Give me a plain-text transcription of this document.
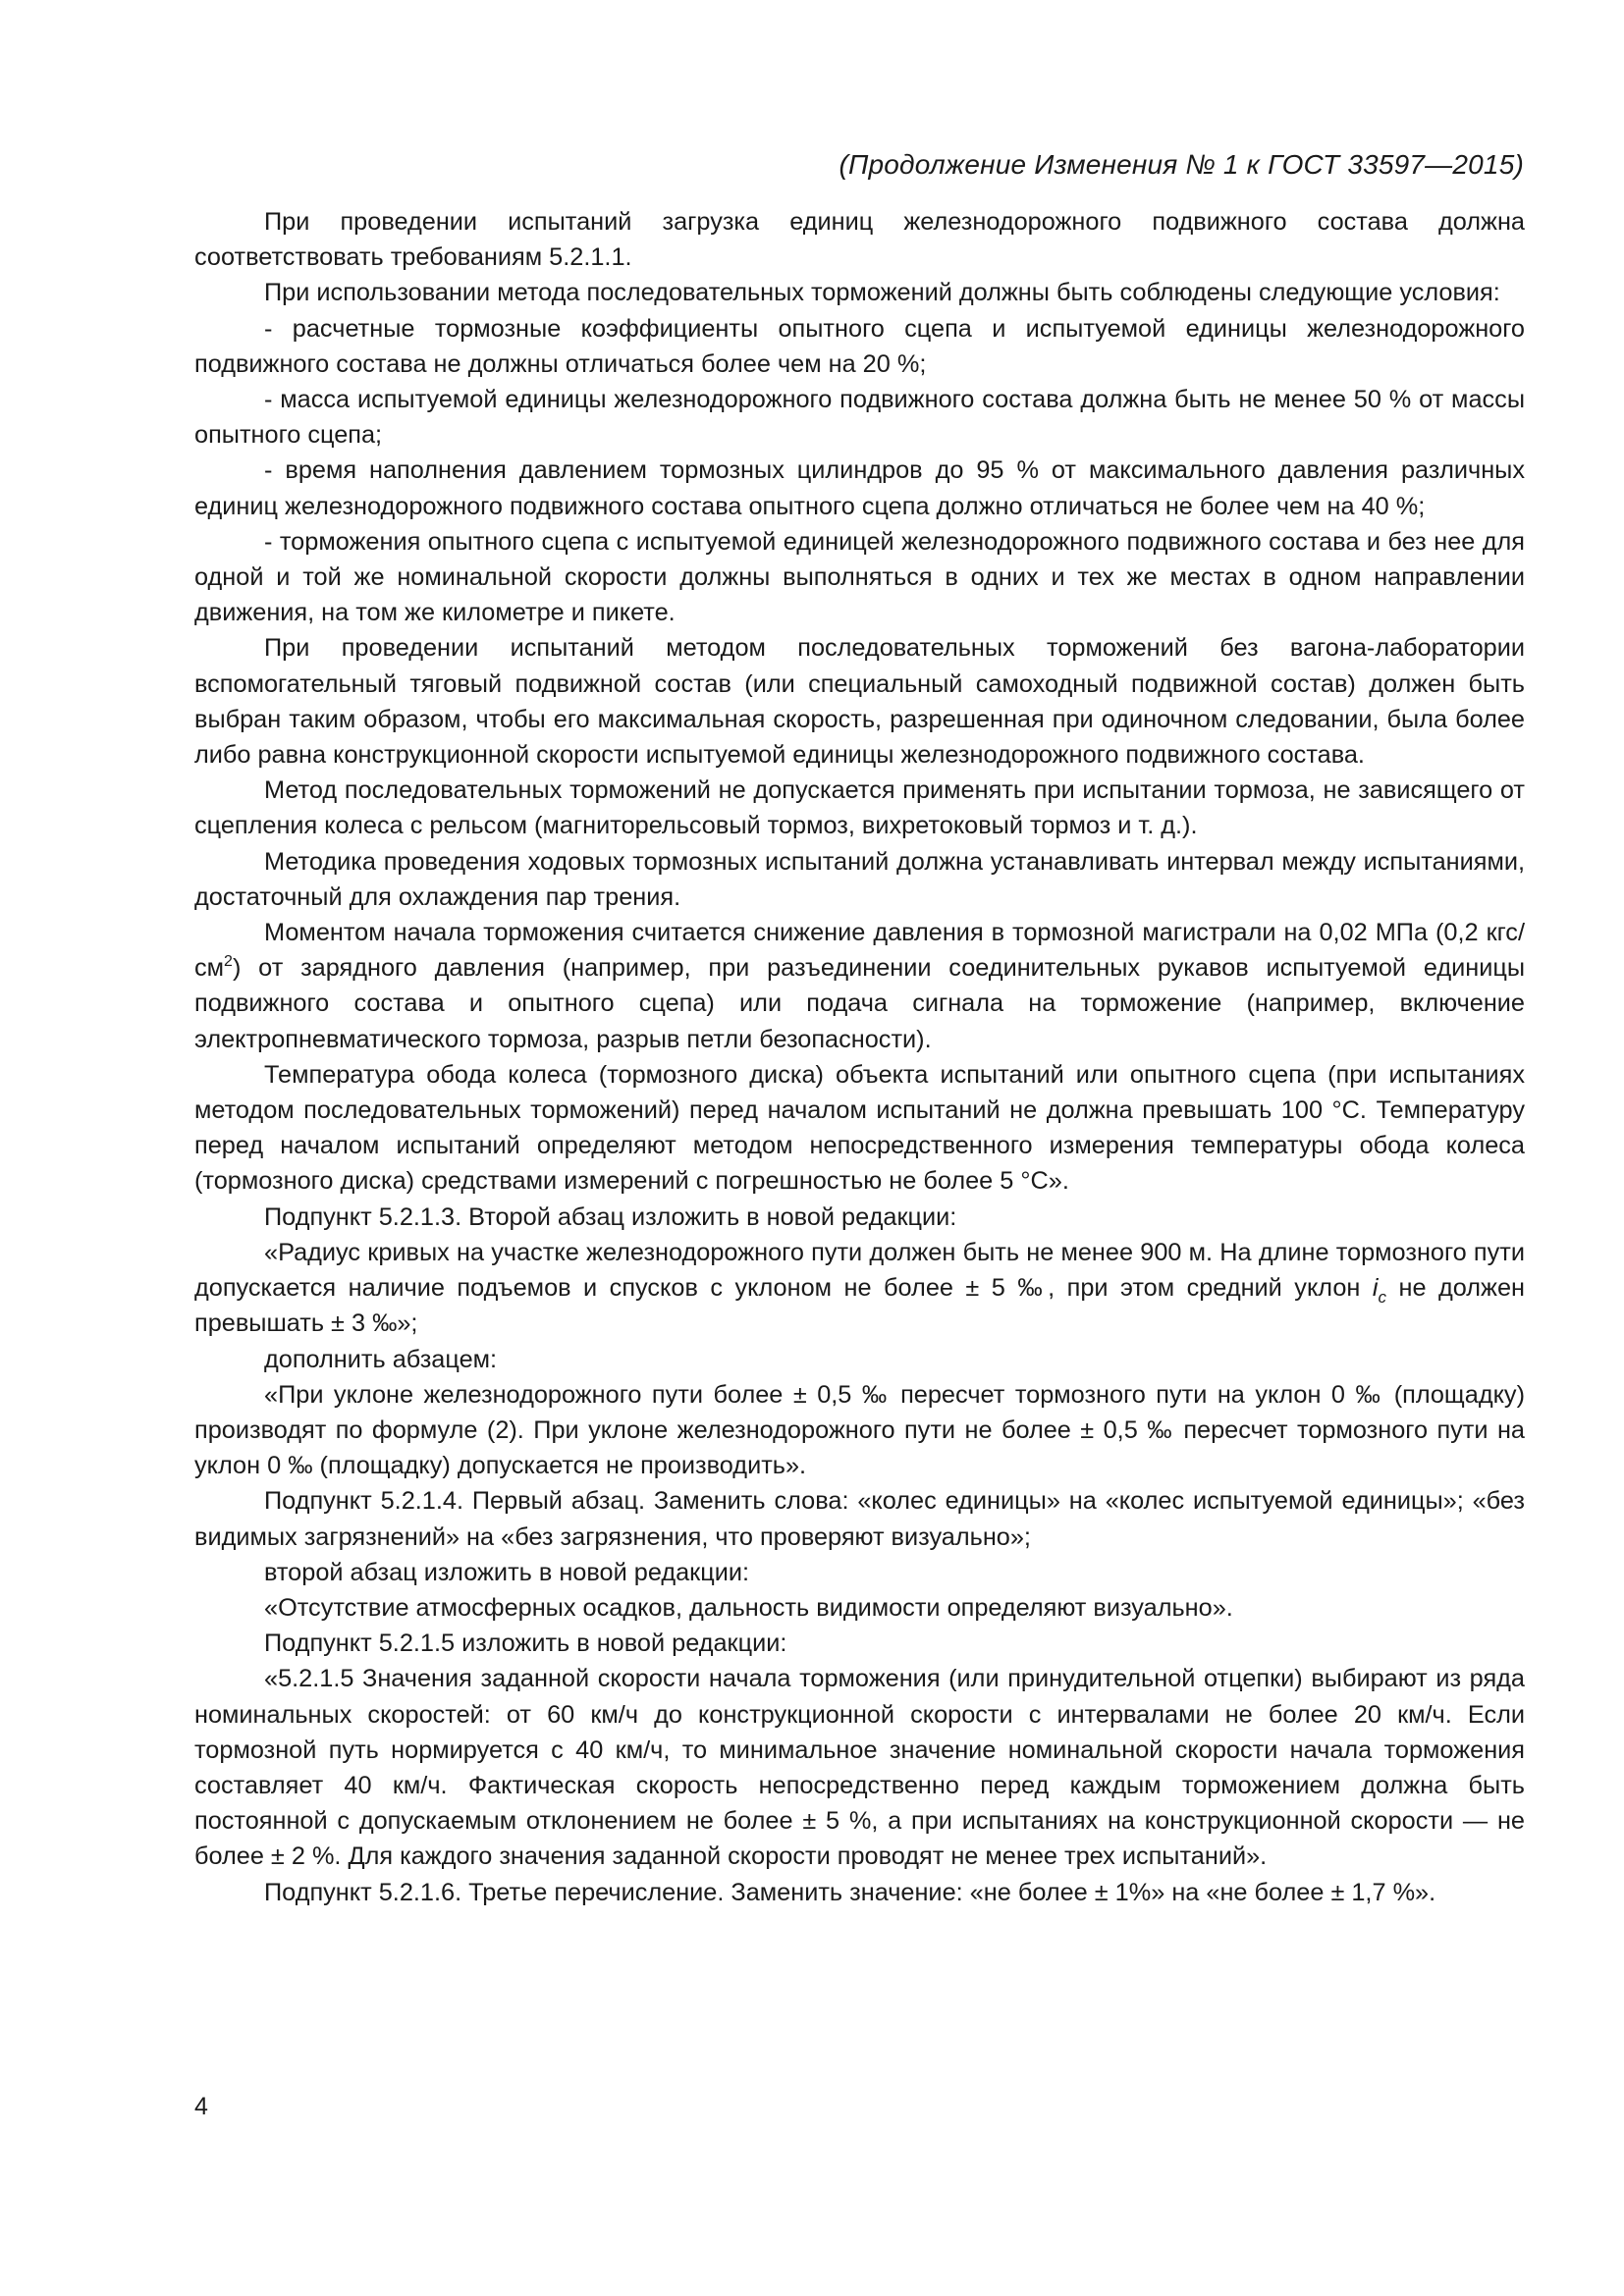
(Продолжение Изменения № 1 к ГОСТ 33597—2015)

При проведении испытаний загрузка единиц железнодорожного подвижного состава должна соответствовать требованиям 5.2.1.1.

При использовании метода последовательных торможений должны быть соблюдены следующие условия:

- расчетные тормозные коэффициенты опытного сцепа и испытуемой единицы железнодорожного подвижного состава не должны отличаться более чем на 20 %;

- масса испытуемой единицы железнодорожного подвижного состава должна быть не менее 50 % от массы опытного сцепа;

- время наполнения давлением тормозных цилиндров до 95 % от максимального давления различных единиц железнодорожного подвижного состава опытного сцепа должно отличаться не более чем на 40 %;

- торможения опытного сцепа с испытуемой единицей железнодорожного подвижного состава и без нее для одной и той же номинальной скорости должны выполняться в одних и тех же местах в одном направлении движения, на том же километре и пикете.

При проведении испытаний методом последовательных торможений без вагона-лаборатории вспомогательный тяговый подвижной состав (или специальный самоходный подвижной состав) должен быть выбран таким образом, чтобы его максимальная скорость, разрешенная при одиночном следовании, была более либо равна конструкционной скорости испытуемой единицы железнодорожного подвижного состава.

Метод последовательных торможений не допускается применять при испытании тормоза, не зависящего от сцепления колеса с рельсом (магниторельсовый тормоз, вихретоковый тормоз и т. д.).

Методика проведения ходовых тормозных испытаний должна устанавливать интервал между испытаниями, достаточный для охлаждения пар трения.

Моментом начала торможения считается снижение давления в тормозной магистрали на 0,02 МПа (0,2 кгс/$см^2$) от зарядного давления (например, при разъединении соединительных рукавов испытуемой единицы подвижного состава и опытного сцепа) или подача сигнала на торможение (например, включение электропневматического тормоза, разрыв петли безопасности).

Температура обода колеса (тормозного диска) объекта испытаний или опытного сцепа (при испытаниях методом последовательных торможений) перед началом испытаний не должна превышать 100 °С. Температуру перед началом испытаний определяют методом непосредственного измерения температуры обода колеса (тормозного диска) средствами измерений с погрешностью не более 5 °С».

Подпункт 5.2.1.3. Второй абзац изложить в новой редакции:

«Радиус кривых на участке железнодорожного пути должен быть не менее 900 м. На длине тормозного пути допускается наличие подъемов и спусков с уклоном не более ± 5 ‰, при этом средний уклон $i_с$ не должен превышать ± 3 ‰»;

дополнить абзацем:

«При уклоне железнодорожного пути более ± 0,5 ‰ пересчет тормозного пути на уклон 0 ‰ (площадку) производят по формуле (2). При уклоне железнодорожного пути не более ± 0,5 ‰ пересчет тормозного пути на уклон 0 ‰ (площадку) допускается не производить».

Подпункт 5.2.1.4. Первый абзац. Заменить слова: «колес единицы» на «колес испытуемой единицы»; «без видимых загрязнений» на «без загрязнения, что проверяют визуально»;

второй абзац изложить в новой редакции:

«Отсутствие атмосферных осадков, дальность видимости определяют визуально».

Подпункт 5.2.1.5 изложить в новой редакции:

«5.2.1.5 Значения заданной скорости начала торможения (или принудительной отцепки) выбирают из ряда номинальных скоростей: от 60 км/ч до конструкционной скорости с интервалами не более 20 км/ч. Если тормозной путь нормируется с 40 км/ч, то минимальное значение номинальной скорости начала торможения составляет 40 км/ч. Фактическая скорость непосредственно перед каждым торможением должна быть постоянной с допускаемым отклонением не более ± 5 %, а при испытаниях на конструкционной скорости — не более ± 2 %. Для каждого значения заданной скорости проводят не менее трех испытаний».

Подпункт 5.2.1.6. Третье перечисление. Заменить значение: «не более ± 1%» на «не более ± 1,7 %».

4
